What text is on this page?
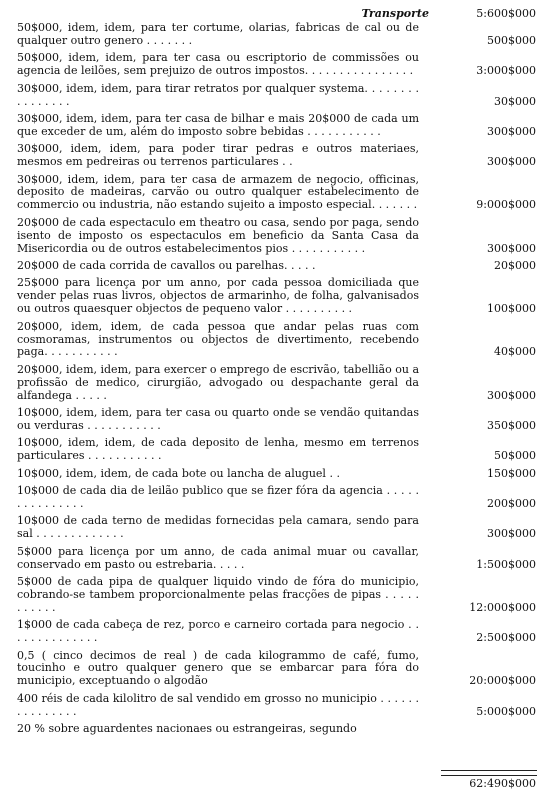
Transporte	5:600$000
50$000, idem, idem, para ter cortume, olarias, fabricas de cal ou de qualquer outro genero . . . . . . .	500$000
50$000, idem, idem, para ter casa ou escriptorio de commissões ou agencia de leilões, sem prejuizo de outros impostos. . . . . . . . . . . . . . . .	3:000$000
30$000, idem, idem, para tirar retratos por qualquer systema. . . . . . . . . . . . . . . .	30$000
30$000, idem, idem, para ter casa de bilhar e mais 20$000 de cada um que exceder de um, além do imposto sobre bebidas . . . . . . . . . . .	300$000
30$000, idem, idem, para poder tirar pedras e outros materiaes, mesmos em pedreiras ou terrenos particulares . .	300$000
30$000, idem, idem, para ter casa de armazem de negocio, officinas, deposito de madeiras, carvão ou outro qualquer estabelecimento de commercio ou industria, não estando sujeito a imposto especial. . . . . . .	9:000$000
20$000 de cada espectaculo em theatro ou casa, sendo por paga, sendo isento de imposto os espectaculos em beneficio da Santa Casa da Misericordia ou de outros estabelecimentos pios . . . . . . . . . . .	300$000
20$000 de cada corrida de cavallos ou parelhas. . . . .	20$000
25$000 para licença por um anno, por cada pessoa domiciliada que vender pelas ruas livros, objectos de armarinho, de folha, galvanisados ou outros quaesquer objectos de pequeno valor . . . . . . . . . .	100$000
20$000, idem, idem, de cada pessoa que andar pelas ruas com cosmoramas, instrumentos ou objectos de divertimento, recebendo paga. . . . . . . . . . .	40$000
20$000, idem, idem, para exercer o emprego de escrivão, tabellião ou a profissão de medico, cirurgião, advogado ou despachante geral da alfandega . . . . .	300$000
10$000, idem, idem, para ter casa ou quarto onde se vendão quitandas ou verduras . . . . . . . . . . .	350$000
10$000, idem, idem, de cada deposito de lenha, mesmo em terrenos particulares . . . . . . . . . . .	50$000
10$000, idem, idem, de cada bote ou lancha de aluguel . .	150$000
10$000 de cada dia de leilão publico que se fizer fóra da agencia . . . . . . . . . . . . . . .	200$000
10$000 de cada terno de medidas fornecidas pela camara, sendo para sal . . . . . . . . . . . . .	300$000
5$000 para licença por um anno, de cada animal muar ou cavallar, conservado em pasto ou estrebaria. . . . .	1:500$000
5$000 de cada pipa de qualquer liquido vindo de fóra do municipio, cobrando-se tambem proporcionalmente pelas fracções de pipas . . . . . . . . . . .	12:000$000
1$000 de cada cabeça de rez, porco e carneiro cortada para negocio . . . . . . . . . . . . . .	2:500$000
0,5 ( cinco decimos de real ) de cada kilogrammo de café, fumo, toucinho e outro qualquer genero que se embarcar para fóra do municipio, exceptuando o algodão	20:000$000
400 réis de cada kilolitro de sal vendido em grosso no municipio . . . . . . . . . . . . . . .	5:000$000
20 % sobre aguardentes nacionaes ou estrangeiras, segundo
62:490$000
